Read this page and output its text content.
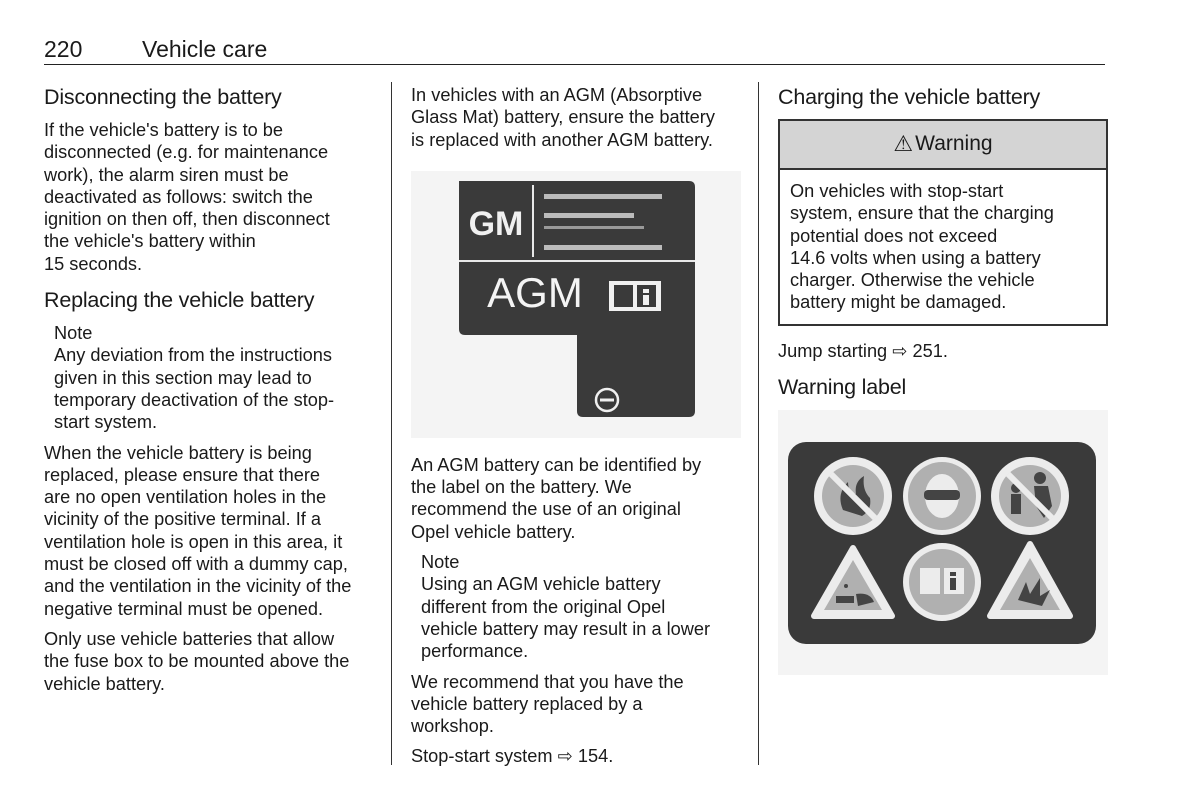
220	Vehicle care
Disconnecting the battery

If the vehicle's battery is to be
disconnected (e.g. for maintenance
work), the alarm siren must be
deactivated as follows: switch the
ignition on then off, then disconnect
the vehicle's battery within
15 seconds.

Replacing the vehicle battery
Note
Any deviation from the instructions
given in this section may lead to
temporary deactivation of the stop-
start system.

When the vehicle battery is being
replaced, please ensure that there
are no open ventilation holes in the
vicinity of the positive terminal. If a
ventilation hole is open in this area, it
must be closed off with a dummy cap,
and the ventilation in the vicinity of the
negative terminal must be opened.

Only use vehicle batteries that allow
the fuse box to be mounted above the
vehicle battery.

In vehicles with an AGM (Absorptive
Glass Mat) battery, ensure the battery
is replaced with another AGM battery.

GM
AGM

An AGM battery can be identified by
the label on the battery. We
recommend the use of an original
Opel vehicle battery.

Note
Using an AGM vehicle battery
different from the original Opel
vehicle battery may result in a lower
performance.

We recommend that you have the
vehicle battery replaced by a
workshop.

Stop-start system ⇨ 154.

Charging the vehicle battery
⚠ Warning
On vehicles with stop-start
system, ensure that the charging
potential does not exceed
14.6 volts when using a battery
charger. Otherwise the vehicle
battery might be damaged.

Jump starting ⇨ 251.

Warning label
